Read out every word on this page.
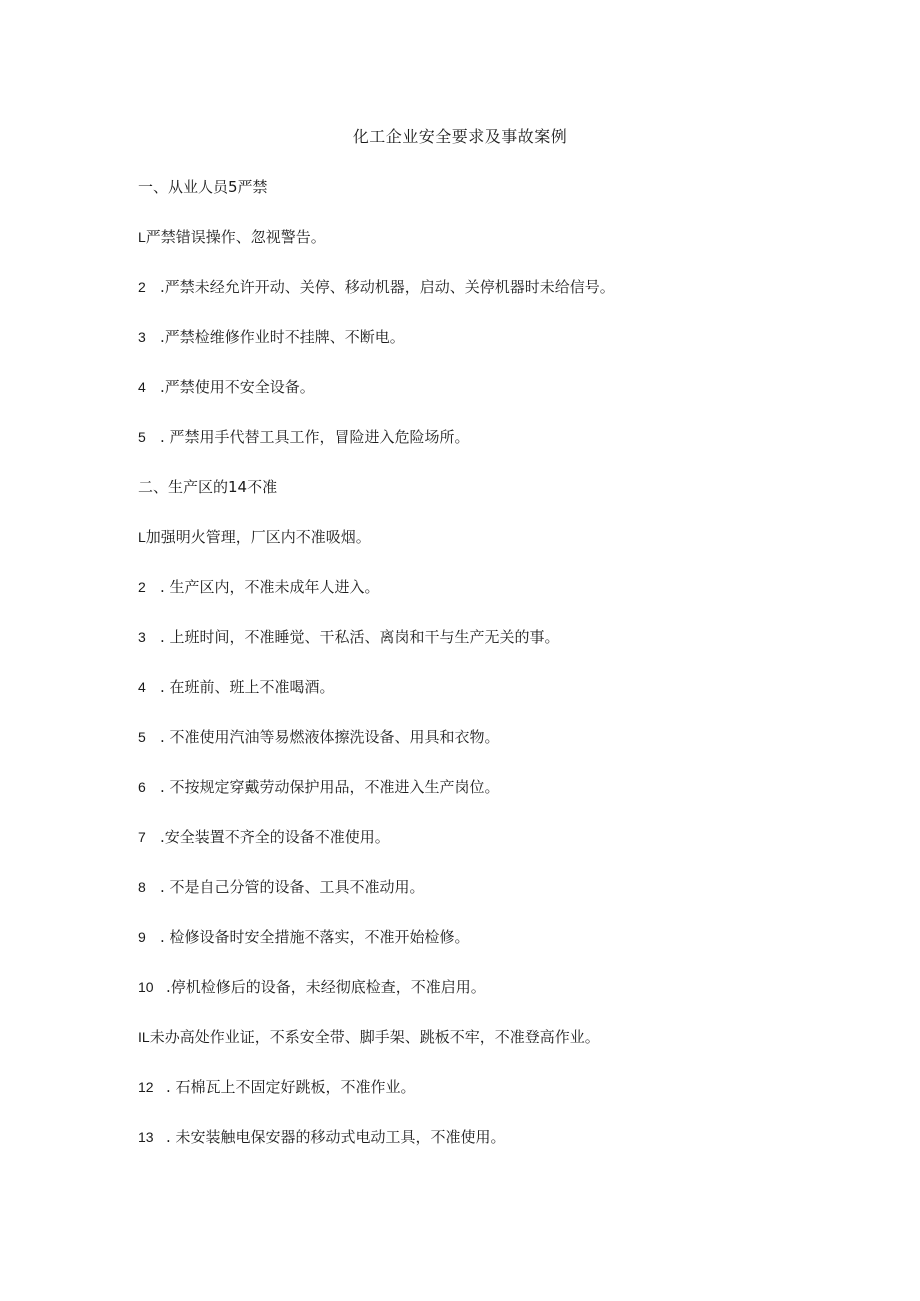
化工企业安全要求及事故案例
一、从业人员5严禁
L严禁错误操作、忽视警告。
2 .严禁未经允许开动、关停、移动机器，启动、关停机器时未给信号。
3 .严禁检维修作业时不挂牌、不断电。
4 .严禁使用不安全设备。
5 . 严禁用手代替工具工作，冒险进入危险场所。
二、生产区的14不准
L加强明火管理，厂区内不准吸烟。
2 . 生产区内，不准未成年人进入。
3 . 上班时间，不准睡觉、干私活、离岗和干与生产无关的事。
4 . 在班前、班上不准喝酒。
5 . 不准使用汽油等易燃液体擦洗设备、用具和衣物。
6 . 不按规定穿戴劳动保护用品，不准进入生产岗位。
7 .安全装置不齐全的设备不准使用。
8 . 不是自己分管的设备、工具不准动用。
9 . 检修设备时安全措施不落实，不准开始检修。
10 .停机检修后的设备，未经彻底检查，不准启用。
IL未办高处作业证，不系安全带、脚手架、跳板不牢，不准登高作业。
12 . 石棉瓦上不固定好跳板，不准作业。
13 . 未安装触电保安器的移动式电动工具，不准使用。
